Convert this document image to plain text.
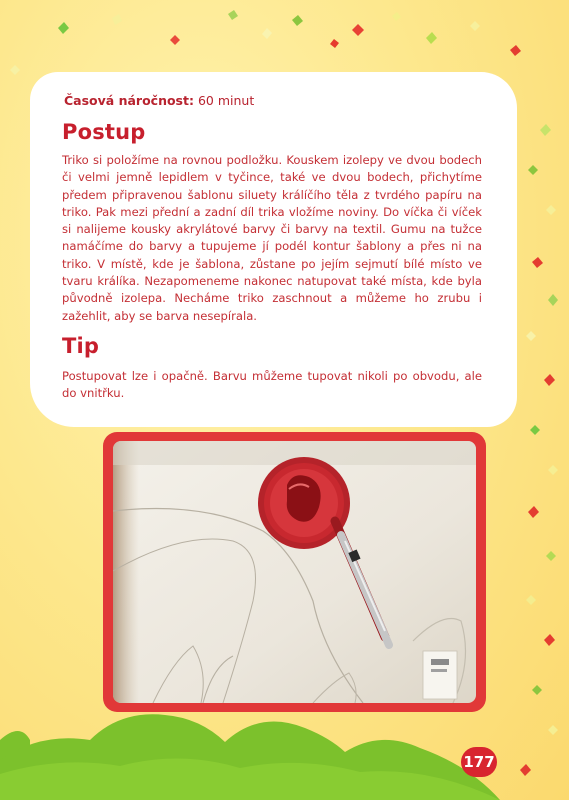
Časová náročnost: 60 minut
Postup

Triko si položíme na rovnou podložku. Kouskem izolepy ve dvou bodech či velmi jemně lepidlem v tyčince, také ve dvou bodech, přichytíme předem připravenou šablonu siluety králíčího těla z tvrdého papíru na triko. Pak mezi přední a zadní díl trika vložíme noviny. Do víčka či víček si nalijeme kousky akrylátové barvy či barvy na textil. Gumu na tužce namáčíme do barvy a tupujeme jí podél kontur šablony a přes ni na triko. V místě, kde je šablona, zůstane po jejím sejmutí bílé místo ve tvaru králíka. Nezapomeneme nakonec natupovat také místa, kde byla původně izolepa. Necháme triko zaschnout a můžeme ho zrubu i zažehlit, aby se barva nesepírala.

Tip

Postupovat lze i opačně. Barvu můžeme tupovat nikoli po obvodu, ale do vnitřku.

177
